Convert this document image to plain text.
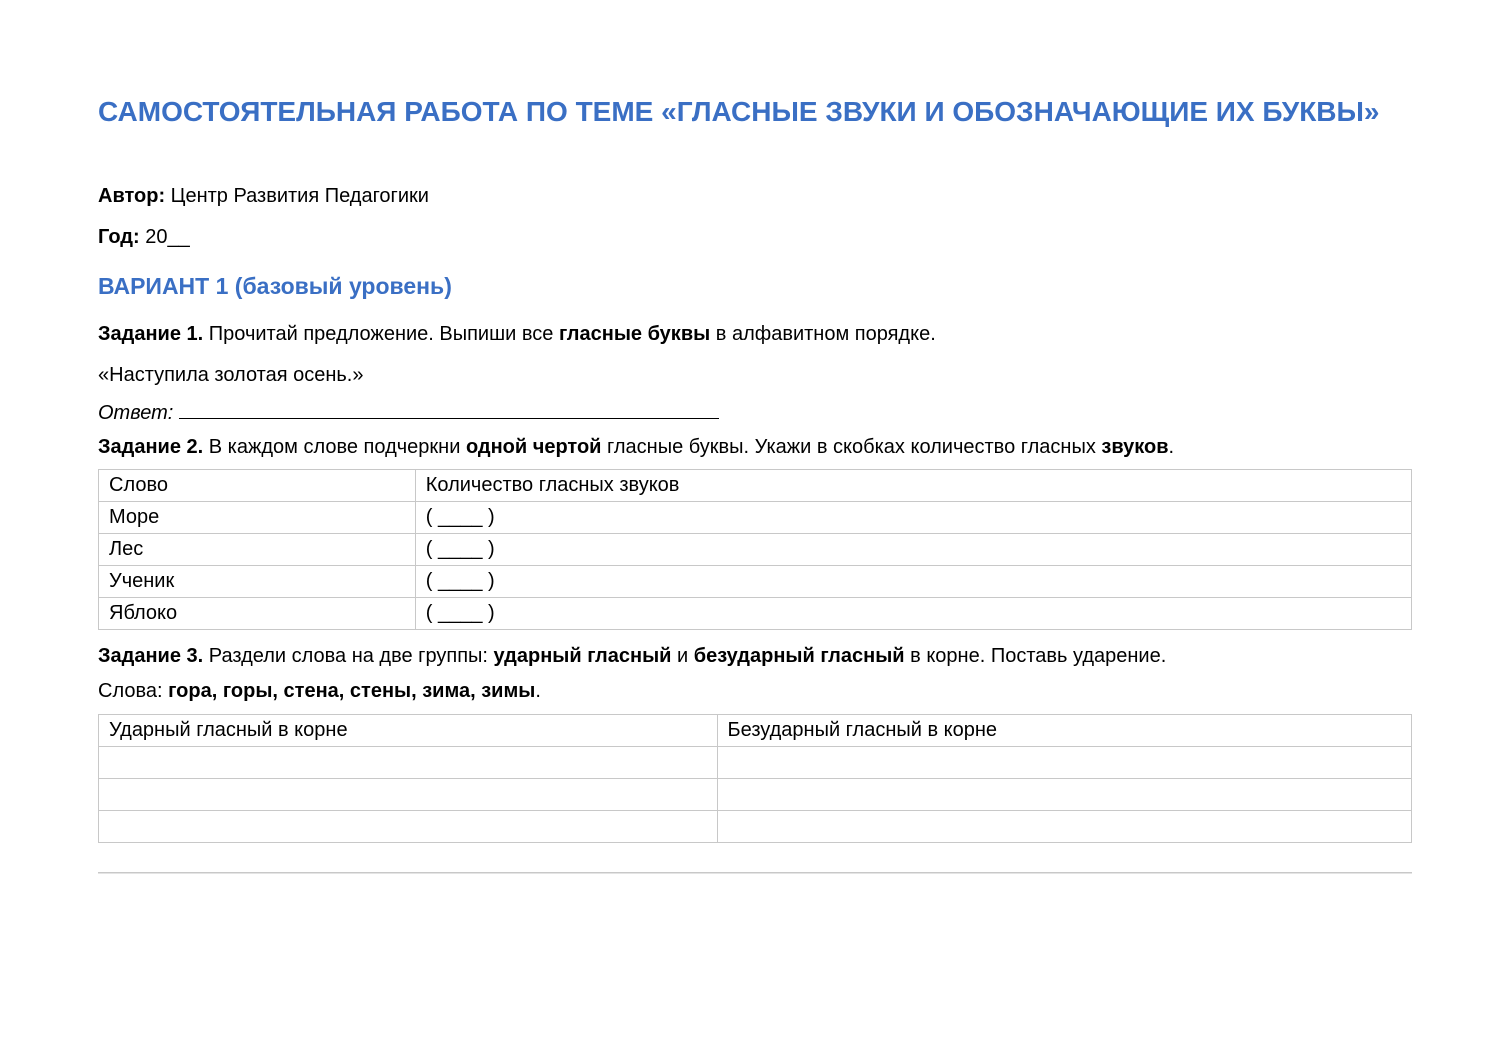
САМОСТОЯТЕЛЬНАЯ РАБОТА ПО ТЕМЕ «ГЛАСНЫЕ ЗВУКИ И ОБОЗНАЧАЮЩИЕ ИХ БУКВЫ»

Автор: Центр Развития Педагогики

Год: 20__

ВАРИАНТ 1 (базовый уровень)

Задание 1. Прочитай предложение. Выпиши все гласные буквы в алфавитном порядке.

«Наступила золотая осень.»

Ответ:

Задание 2. В каждом слове подчеркни одной чертой гласные буквы. Укажи в скобках количество гласных звуков.

Слово	Количество гласных звуков
Море	( ____ )
Лес	( ____ )
Ученик	( ____ )
Яблоко	( ____ )

Задание 3. Раздели слова на две группы: ударный гласный и безударный гласный в корне. Поставь ударение.

Слова: гора, горы, стена, стены, зима, зимы.

Ударный гласный в корне	Безударный гласный в корне
